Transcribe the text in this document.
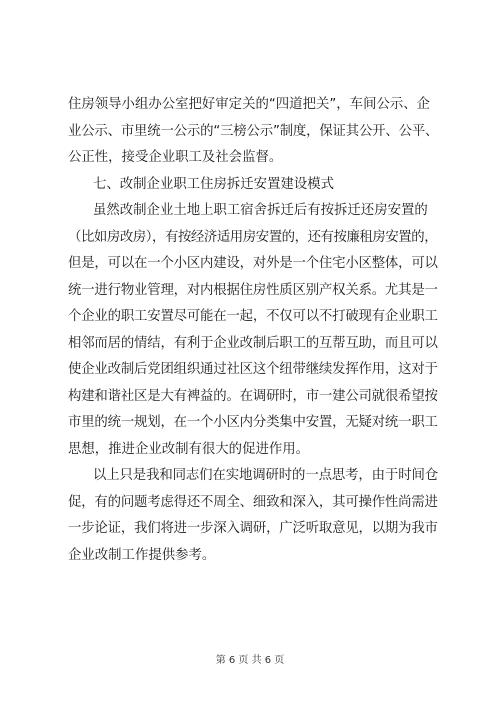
住房领导小组办公室把好审定关的“四道把关”，车间公示、企
业公示、市里统一公示的“三榜公示”制度，保证其公开、公平、
公正性，接受企业职工及社会监督。
七、改制企业职工住房拆迁安置建设模式
虽然改制企业土地上职工宿舍拆迁后有按拆迁还房安置的
（比如房改房），有按经济适用房安置的，还有按廉租房安置的，
但是，可以在一个小区内建设，对外是一个住宅小区整体，可以
统一进行物业管理，对内根据住房性质区别产权关系。尤其是一
个企业的职工安置尽可能在一起，不仅可以不打破现有企业职工
相邻而居的情结，有利于企业改制后职工的互帮互助，而且可以
使企业改制后党团组织通过社区这个纽带继续发挥作用，这对于
构建和谐社区是大有裨益的。在调研时，市一建公司就很希望按
市里的统一规划，在一个小区内分类集中安置，无疑对统一职工
思想，推进企业改制有很大的促进作用。
以上只是我和同志们在实地调研时的一点思考，由于时间仓
促，有的问题考虑得还不周全、细致和深入，其可操作性尚需进
一步论证，我们将进一步深入调研，广泛听取意见，以期为我市
企业改制工作提供参考。
第 6 页 共 6 页
